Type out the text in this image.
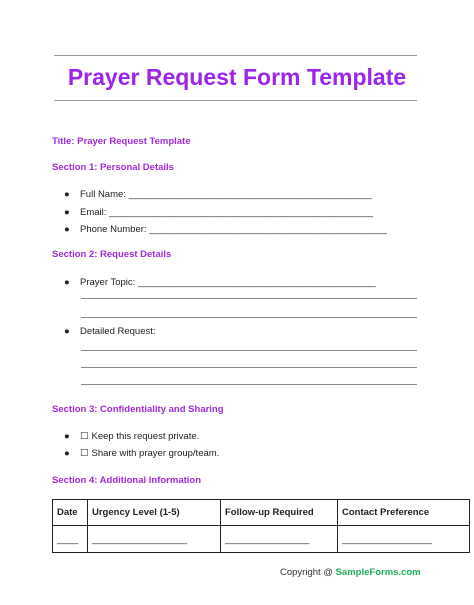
Prayer Request Form Template
Title: Prayer Request Template
Section 1: Personal Details
● Full Name: ______________________________________________
● Email: __________________________________________________
● Phone Number: _____________________________________________
Section 2: Request Details
● Prayer Topic: _____________________________________________
● Detailed Request:
Section 3: Confidentiality and Sharing
● ☐ Keep this request private.
● ☐ Share with prayer group/team.
Section 4: Additional Information
Date	Urgency Level (1-5)	Follow-up Required	Contact Preference
____	__________________	________________	_________________
Copyright @ SampleForms.com
